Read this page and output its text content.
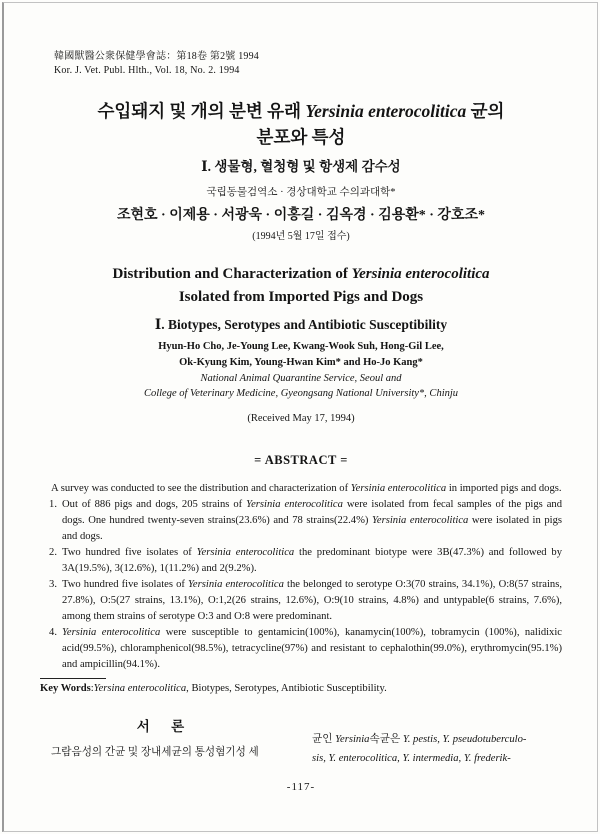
韓國獸醫公衆保健學會誌：第18卷 第2號 1994
Kor. J. Vet. Publ. Hlth., Vol. 18, No. 2. 1994
수입돼지 및 개의 분변 유래 Yersinia enterocolitica 균의
분포와 특성
Ⅰ. 생물형, 혈청형 및 항생제 감수성
국립동물검역소 · 경상대학교 수의과대학*
조현호 · 이제용 · 서광욱 · 이홍길 · 김옥경 · 김용환* · 강호조*
(1994년 5월 17일 접수)
Distribution and Characterization of Yersinia enterocolitica
Isolated from Imported Pigs and Dogs
Ⅰ. Biotypes, Serotypes and Antibiotic Susceptibility
Hyun-Ho Cho, Je-Young Lee, Kwang-Wook Suh, Hong-Gil Lee,
Ok-Kyung Kim, Young-Hwan Kim* and Ho-Jo Kang*
National Animal Quarantine Service, Seoul and
College of Veterinary Medicine, Gyeongsang National University*, Chinju
(Received May 17, 1994)
= ABSTRACT =
A survey was conducted to see the distribution and characterization of Yersinia enterocolitica in imported pigs and dogs.
1. Out of 886 pigs and dogs, 205 strains of Yersinia enterocolitica were isolated from fecal samples of the pigs and dogs. One hundred twenty-seven strains(23.6%) and 78 strains(22.4%) Yersinia enterocolitica were isolated in pigs and dogs.
2. Two hundred five isolates of Yersinia enterocolitica the predominant biotype were 3B(47.3%) and followed by 3A(19.5%), 3(12.6%), 1(11.2%) and 2(9.2%).
3. Two hundred five isolates of Yersinia enterocolitica the belonged to serotype O:3(70 strains, 34.1%), O:8(57 strains, 27.8%), O:5(27 strains, 13.1%), O:1,2(26 strains, 12.6%), O:9(10 strains, 4.8%) and untypable(6 strains, 7.6%), among them strains of serotype O:3 and O:8 were predominant.
4. Yersinia enterocolitica were susceptible to gentamicin(100%), kanamycin(100%), tobramycin (100%), nalidixic acid(99.5%), chloramphenicol(98.5%), tetracycline(97%) and resistant to cephalothin(99.0%), erythromycin(95.1%) and ampicillin(94.1%).
Key Words:Yersina enterocolitica, Biotypes, Serotypes, Antibiotic Susceptibility.
서 론
그람음성의 간균 및 장내세균의 통성혐기성 세
균인 Yersinia속균은 Y. pestis, Y. pseudotuberculo-
sis, Y. enterocolitica, Y. intermedia, Y. frederik-
-117-
